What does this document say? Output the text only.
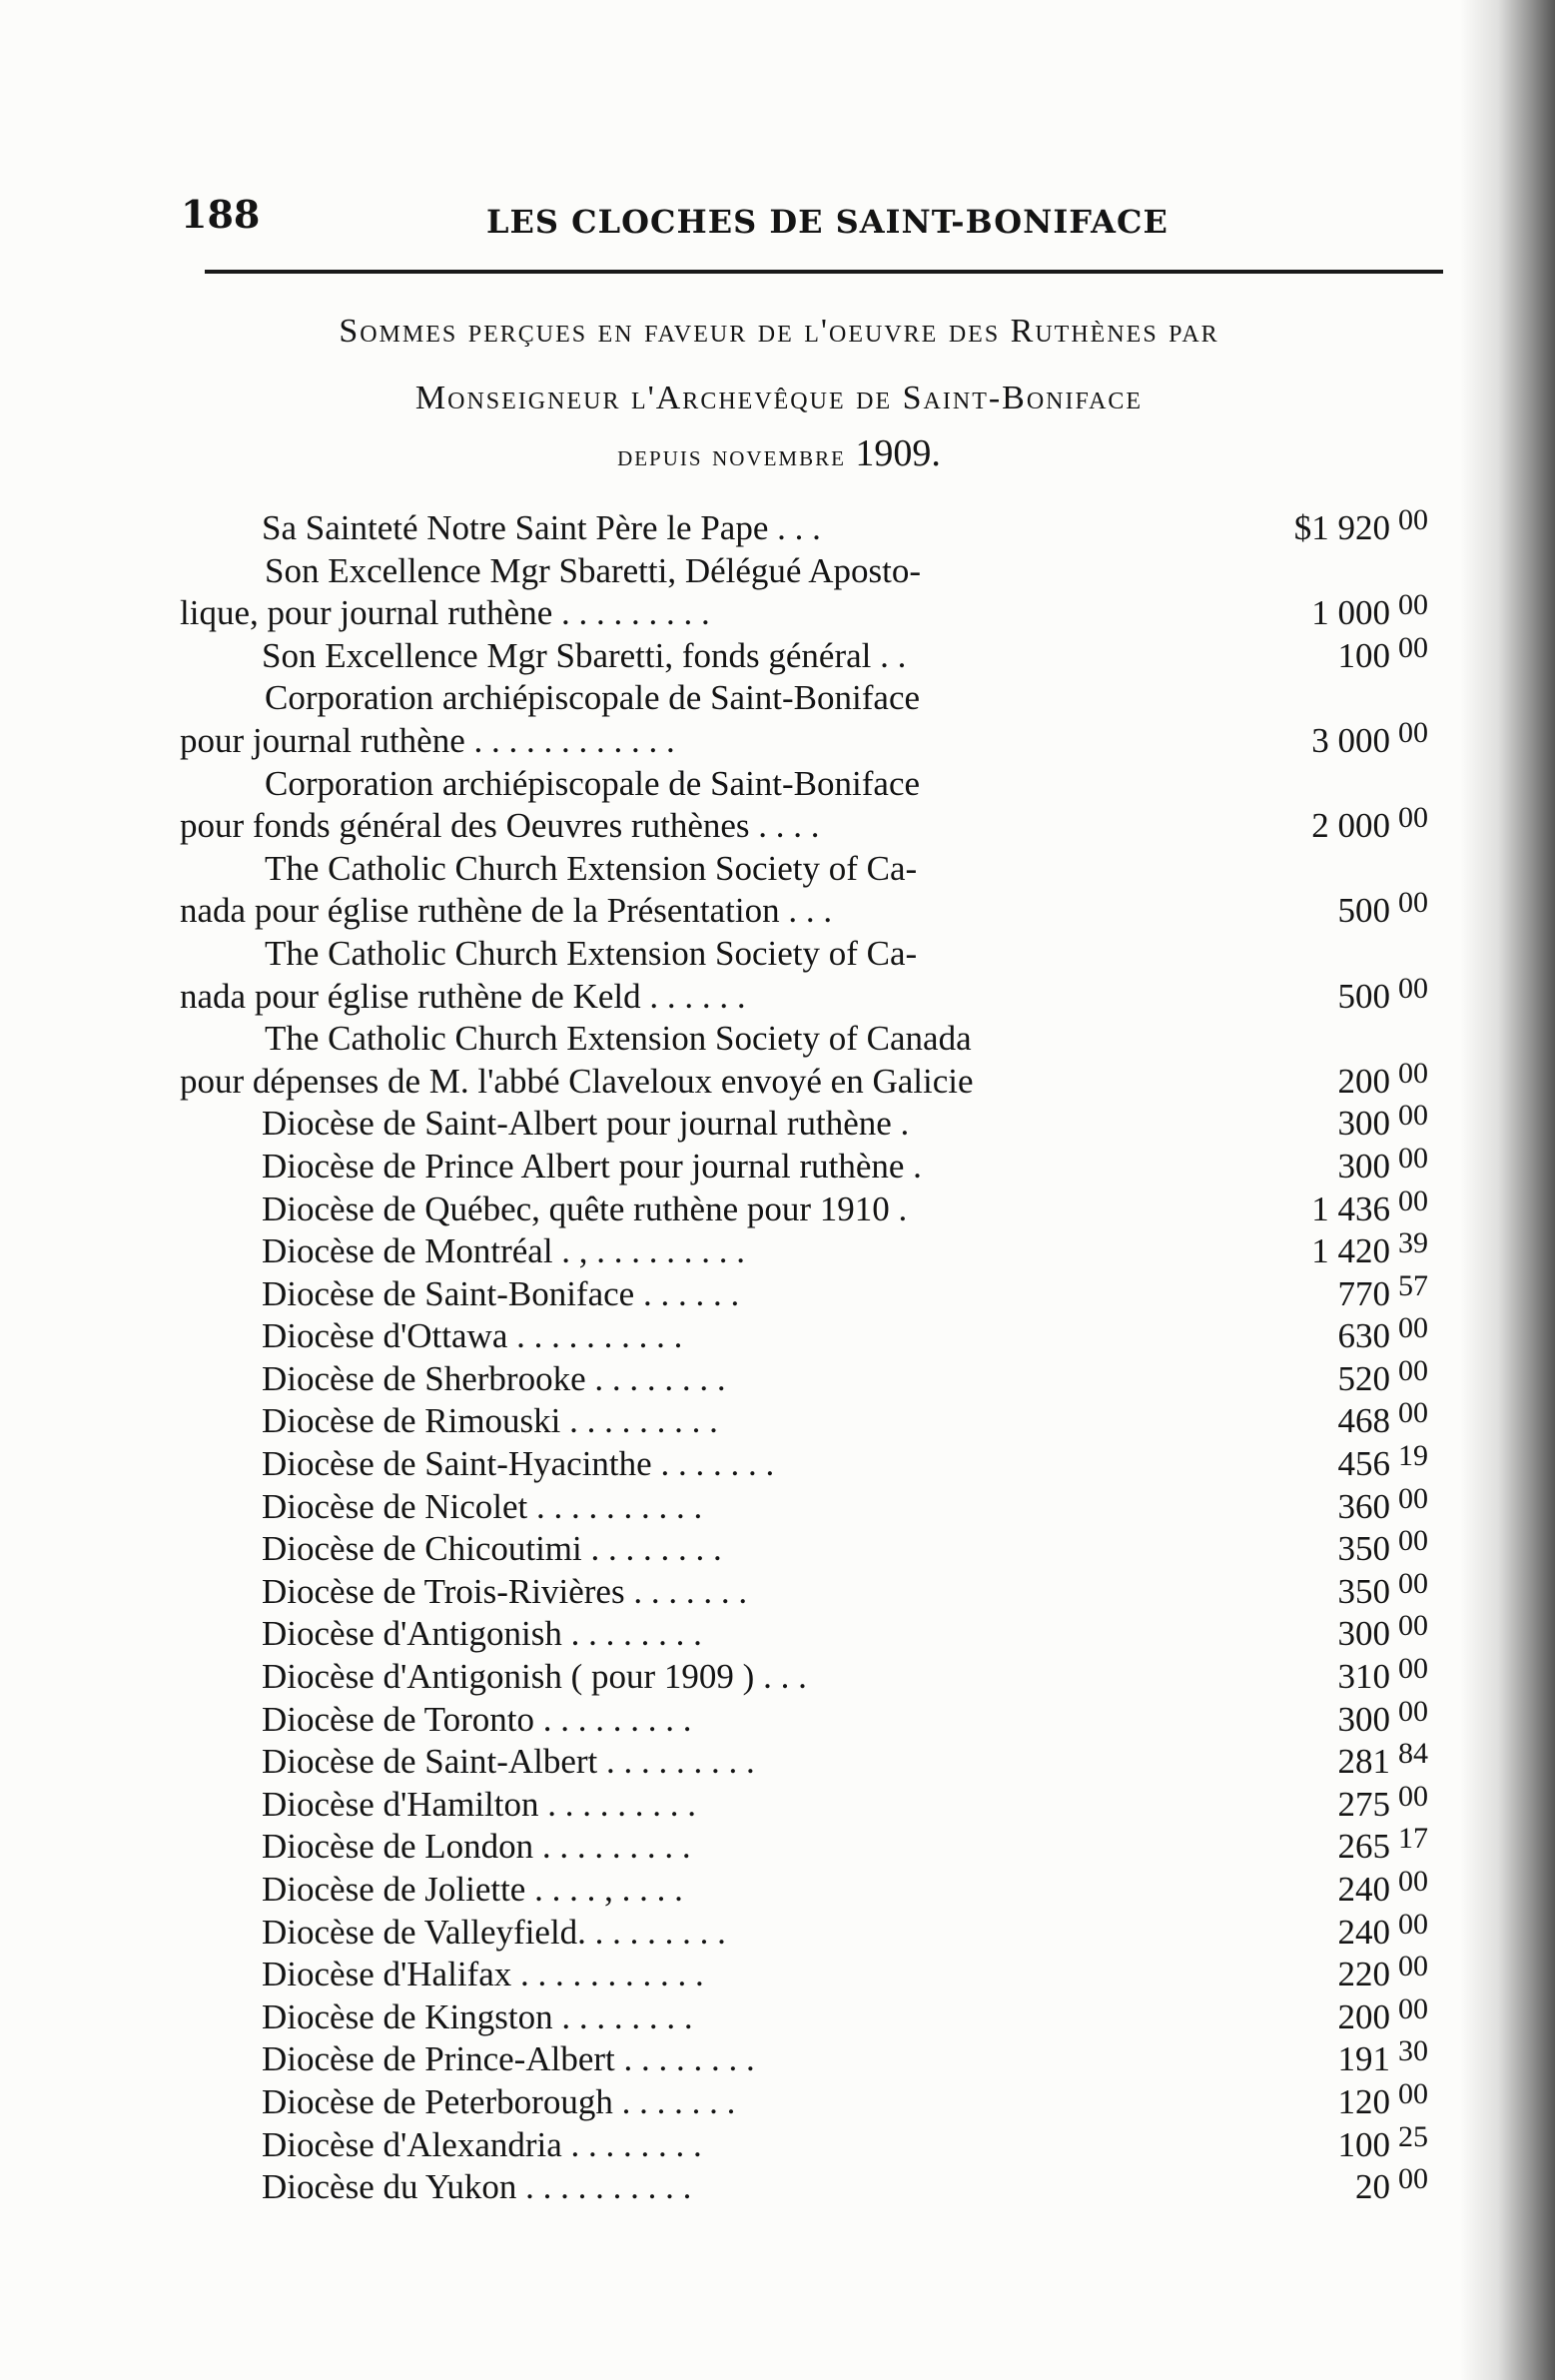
188	LES CLOCHES DE SAINT-BONIFACE
Sommes perçues en faveur de l'oeuvre des Ruthènes par
Monseigneur l'Archevêque de Saint-Boniface
depuis novembre 1909.
Sa Sainteté Notre Saint Père le Pape . . .	$1 920 00
Son Excellence Mgr Sbaretti, Délégué Aposto-
lique, pour journal ruthène . . . . . . . . .	1 000 00
Son Excellence Mgr Sbaretti, fonds général . .	100 00
Corporation archiépiscopale de Saint-Boniface
pour journal ruthène . . . . . . . . . . . .	3 000 00
Corporation archiépiscopale de Saint-Boniface
pour fonds général des Oeuvres ruthènes . . . .	2 000 00
The Catholic Church Extension Society of Ca-
nada pour église ruthène de la Présentation . . .	500 00
The Catholic Church Extension Society of Ca-
nada pour église ruthène de Keld . . . . . .	500 00
The Catholic Church Extension Society of Canada
pour dépenses de M. l'abbé Claveloux envoyé en Galicie	200 00
Diocèse de Saint-Albert pour journal ruthène .	300 00
Diocèse de Prince Albert pour journal ruthène .	300 00
Diocèse de Québec, quête ruthène pour 1910 .	1 436 00
Diocèse de Montréal . , . . . . . . . . .	1 420 39
Diocèse de Saint-Boniface . . . . . .	770 57
Diocèse d'Ottawa . . . . . . . . . .	630 00
Diocèse de Sherbrooke . . . . . . . .	520 00
Diocèse de Rimouski . . . . . . . . .	468 00
Diocèse de Saint-Hyacinthe . . . . . . .	456 19
Diocèse de Nicolet . . . . . . . . . .	360 00
Diocèse de Chicoutimi . . . . . . . .	350 00
Diocèse de Trois-Rivières . . . . . . .	350 00
Diocèse d'Antigonish . . . . . . . .	300 00
Diocèse d'Antigonish ( pour 1909 ) . . .	310 00
Diocèse de Toronto . . . . . . . . .	300 00
Diocèse de Saint-Albert . . . . . . . . .	281 84
Diocèse d'Hamilton . . . . . . . . .	275 00
Diocèse de London . . . . . . . . .	265 17
Diocèse de Joliette . . . . , . . . .	240 00
Diocèse de Valleyfield. . . . . . . . .	240 00
Diocèse d'Halifax . . . . . . . . . . .	220 00
Diocèse de Kingston . . . . . . . .	200 00
Diocèse de Prince-Albert . . . . . . . .	191 30
Diocèse de Peterborough . . . . . . .	120 00
Diocèse d'Alexandria . . . . . . . .	100 25
Diocèse du Yukon . . . . . . . . . .	20 00
